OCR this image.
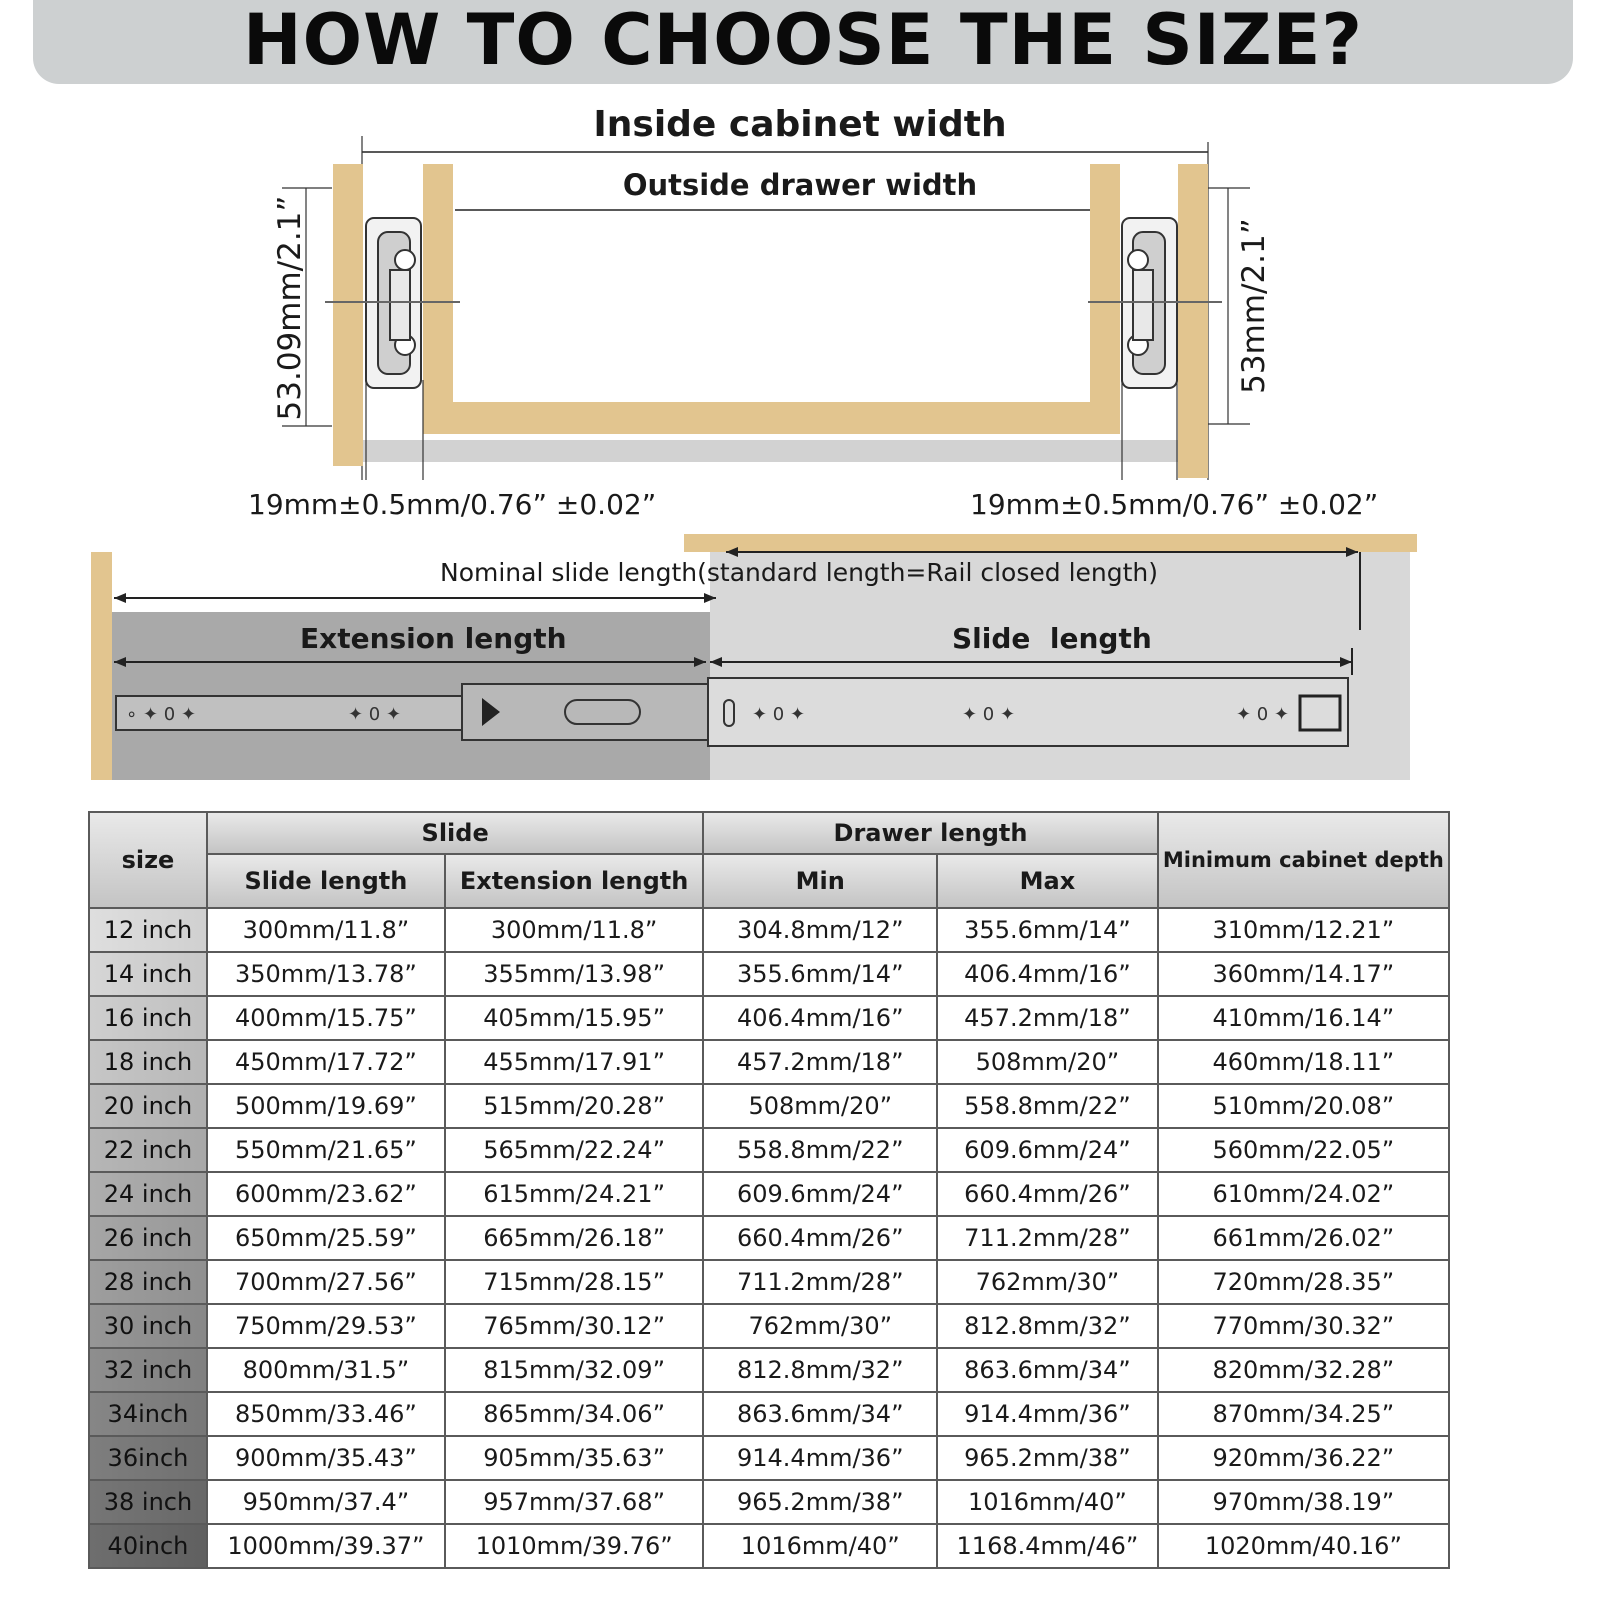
HOW TO CHOOSE THE SIZE?
Inside cabinet width
Outside drawer width
53.09mm/2.1”	53mm/2.1”
19mm±0.5mm/0.76” ±0.02”	19mm±0.5mm/0.76” ±0.02”
∘ ✦ 0 ✦	✦ 0 ✦	✦ 0 ✦	✦ 0 ✦	✦ 0 ✦
Nominal slide length(standard length=Rail closed length)
Extension length	Slide  length
size	Slide		Drawer length		Minimum cabinet depth
	Slide length	Extension length	Min	Max	
12 inch	300mm/11.8”	300mm/11.8”	304.8mm/12”	355.6mm/14”	310mm/12.21”
14 inch	350mm/13.78”	355mm/13.98”	355.6mm/14”	406.4mm/16”	360mm/14.17”
16 inch	400mm/15.75”	405mm/15.95”	406.4mm/16”	457.2mm/18”	410mm/16.14”
18 inch	450mm/17.72”	455mm/17.91”	457.2mm/18”	508mm/20”	460mm/18.11”
20 inch	500mm/19.69”	515mm/20.28”	508mm/20”	558.8mm/22”	510mm/20.08”
22 inch	550mm/21.65”	565mm/22.24”	558.8mm/22”	609.6mm/24”	560mm/22.05”
24 inch	600mm/23.62”	615mm/24.21”	609.6mm/24”	660.4mm/26”	610mm/24.02”
26 inch	650mm/25.59”	665mm/26.18”	660.4mm/26”	711.2mm/28”	661mm/26.02”
28 inch	700mm/27.56”	715mm/28.15”	711.2mm/28”	762mm/30”	720mm/28.35”
30 inch	750mm/29.53”	765mm/30.12”	762mm/30”	812.8mm/32”	770mm/30.32”
32 inch	800mm/31.5”	815mm/32.09”	812.8mm/32”	863.6mm/34”	820mm/32.28”
34inch	850mm/33.46”	865mm/34.06”	863.6mm/34”	914.4mm/36”	870mm/34.25”
36inch	900mm/35.43”	905mm/35.63”	914.4mm/36”	965.2mm/38”	920mm/36.22”
38 inch	950mm/37.4”	957mm/37.68”	965.2mm/38”	1016mm/40”	970mm/38.19”
40inch	1000mm/39.37”	1010mm/39.76”	1016mm/40”	1168.4mm/46”	1020mm/40.16”
